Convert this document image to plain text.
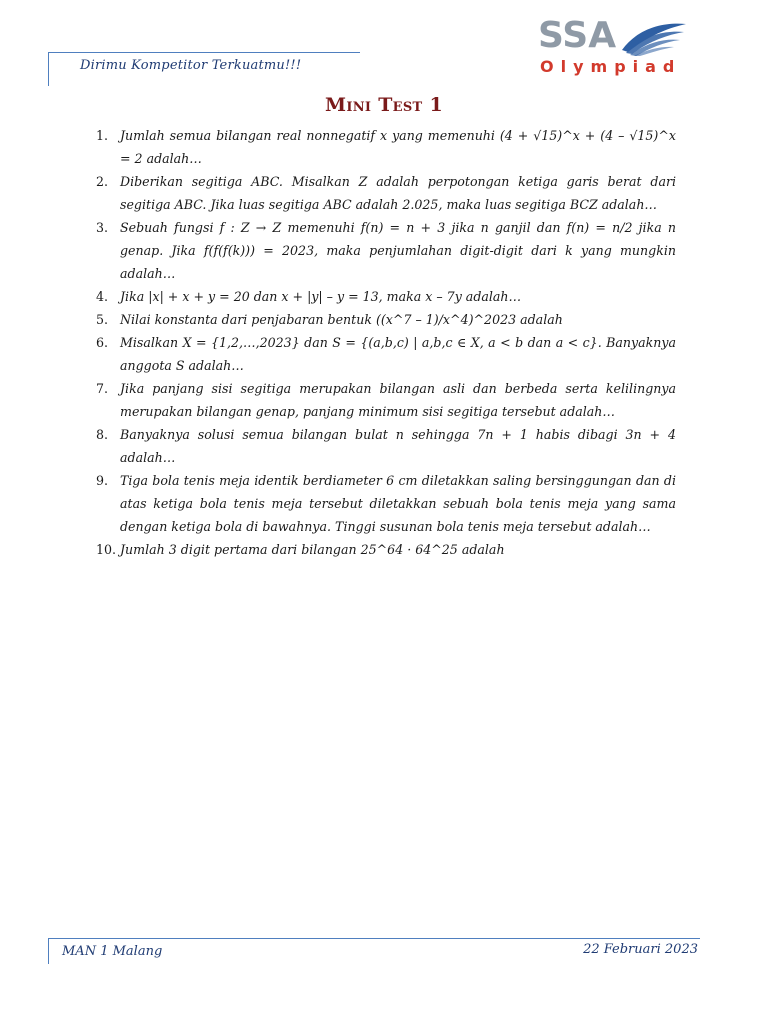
Dirimu Kompetitor Terkuatmu!!!
SSA
Olympiad
Mini Test 1
1. Jumlah semua bilangan real nonnegatif x yang memenuhi (4 + √15)^x + (4 – √15)^x = 2 adalah…
2. Diberikan segitiga ABC. Misalkan Z adalah perpotongan ketiga garis berat dari segitiga ABC. Jika luas segitiga ABC adalah 2.025, maka luas segitiga BCZ adalah…
3. Sebuah fungsi f : Z → Z memenuhi f(n) = n + 3 jika n ganjil dan f(n) = n/2 jika n genap. Jika f(f(f(k))) = 2023, maka penjumlahan digit-digit dari k yang mungkin adalah…
4. Jika |x| + x + y = 20 dan x + |y| – y = 13, maka x – 7y adalah…
5. Nilai konstanta dari penjabaran bentuk ((x^7 – 1)/x^4)^2023 adalah
6. Misalkan X = {1,2,…,2023} dan S = {(a,b,c) | a,b,c ∈ X, a < b dan a < c}. Banyaknya anggota S adalah…
7. Jika panjang sisi segitiga merupakan bilangan asli dan berbeda serta kelilingnya merupakan bilangan genap, panjang minimum sisi segitiga tersebut adalah…
8. Banyaknya solusi semua bilangan bulat n sehingga 7n + 1 habis dibagi 3n + 4 adalah…
9. Tiga bola tenis meja identik berdiameter 6 cm diletakkan saling bersinggungan dan di atas ketiga bola tenis meja tersebut diletakkan sebuah bola tenis meja yang sama dengan ketiga bola di bawahnya. Tinggi susunan bola tenis meja tersebut adalah…
10. Jumlah 3 digit pertama dari bilangan 25^64 · 64^25 adalah
MAN 1 Malang	22 Februari 2023
